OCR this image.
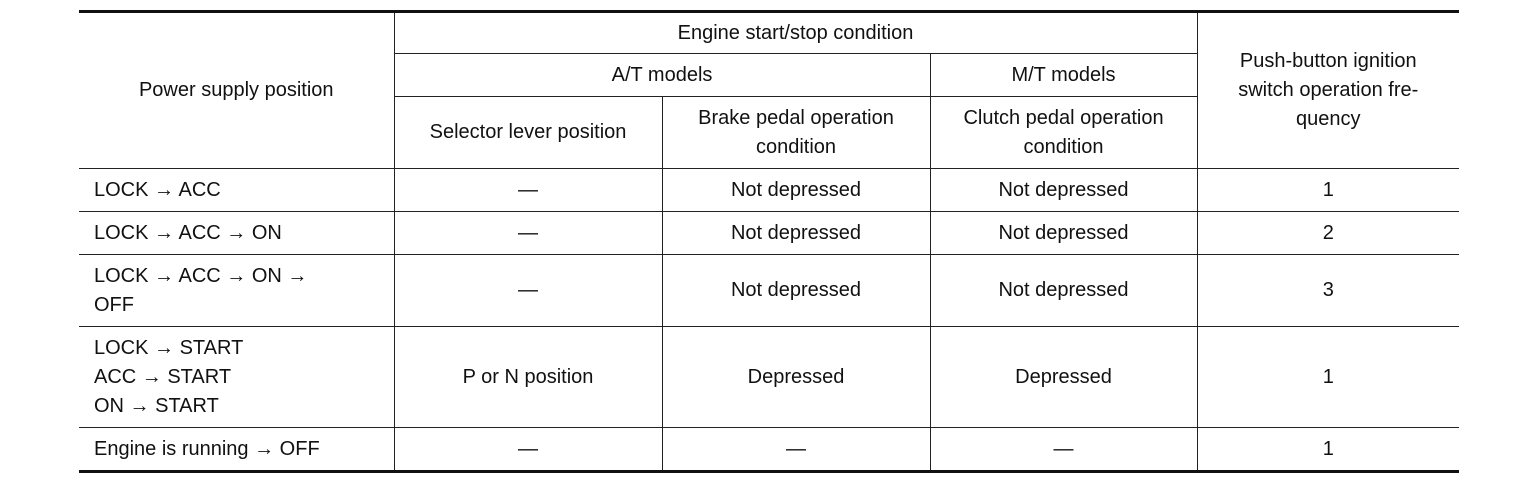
Power supply position	Engine start/stop condition			Push-button ignition switch operation fre-quency
	A/T models		M/T models	
	Selector lever position	Brake pedal operation condition	Clutch pedal operation condition	

LOCK → ACC	—	Not depressed	Not depressed	1

LOCK → ACC → ON	—	Not depressed	Not depressed	2

LOCK → ACC → ON →
OFF	—	Not depressed	Not depressed	3

LOCK → START
ACC → START
ON → START	P or N position	Depressed	Depressed	1

Engine is running → OFF	—	—	—	1
